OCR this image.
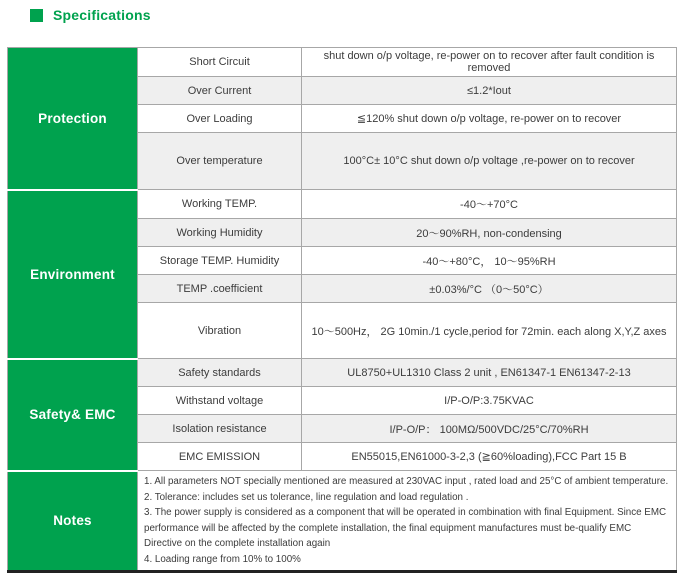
Specifications
Protection	Short Circuit	shut down o/p voltage, re-power on to recover after fault condition is removed
	Over Current	≤1.2*Iout
	Over Loading	≦120% shut down o/p voltage, re-power on to recover
	Over temperature	100°C± 10°C shut down o/p voltage ,re-power on to recover
Environment	Working TEMP.	-40～+70°C
	Working Humidity	20～90%RH, non-condensing
	Storage TEMP. Humidity	-40～+80°C， 10～95%RH
	TEMP .coefficient	±0.03%/°C （0～50°C）
	Vibration	10～500Hz， 2G 10min./1 cycle,period for 72min. each along X,Y,Z axes
Safety& EMC	Safety standards	UL8750+UL1310 Class 2 unit , EN61347-1 EN61347-2-13
	Withstand voltage	I/P-O/P:3.75KVAC
	Isolation resistance	I/P-O/P： 100MΩ/500VDC/25°C/70%RH
	EMC EMISSION	EN55015,EN61000-3-2,3 (≧60%loading),FCC Part 15 B
Notes	1. All parameters NOT specially mentioned are measured at 230VAC input , rated load and 25°C of ambient temperature.
2. Tolerance: includes set us tolerance, line regulation and load regulation .
3. The power supply is considered as a component that will be operated in combination with final Equipment. Since EMC performance will be affected by the complete installation, the final equipment manufactures must be-qualify EMC Directive on the complete installation again
4. Loading range from 10% to 100%	
